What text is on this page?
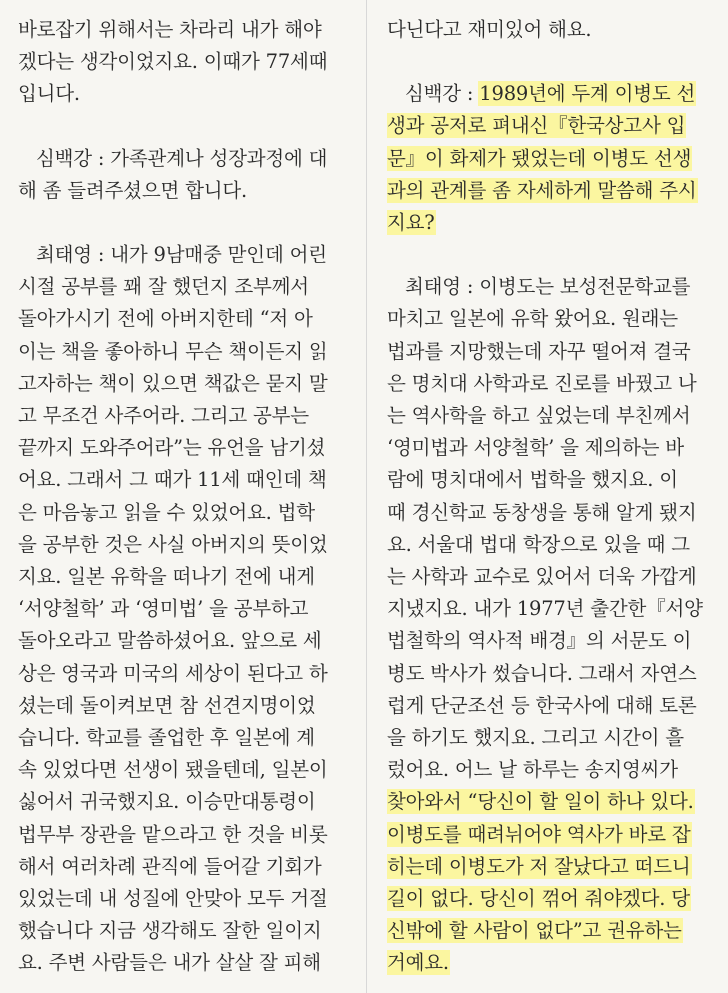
바로잡기 위해서는 차라리 내가 해야
겠다는 생각이었지요. 이때가 77세때
입니다.

심백강 : 가족관계나 성장과정에 대
해 좀 들려주셨으면 합니다.

최태영 : 내가 9남매중 맏인데 어린
시절 공부를 꽤 잘 했던지 조부께서
돌아가시기 전에 아버지한테 “저 아
이는 책을 좋아하니 무슨 책이든지 읽
고자하는 책이 있으면 책값은 묻지 말
고 무조건 사주어라. 그리고 공부는
끝까지 도와주어라”는 유언을 남기셨
어요. 그래서 그 때가 11세 때인데 책
은 마음놓고 읽을 수 있었어요. 법학
을 공부한 것은 사실 아버지의 뜻이었
지요. 일본 유학을 떠나기 전에 내게
‘서양철학’ 과 ‘영미법’ 을 공부하고
돌아오라고 말씀하셨어요. 앞으로 세
상은 영국과 미국의 세상이 된다고 하
셨는데 돌이켜보면 참 선견지명이었
습니다. 학교를 졸업한 후 일본에 계
속 있었다면 선생이 됐을텐데, 일본이
싫어서 귀국했지요. 이승만대통령이
법무부 장관을 맡으라고 한 것을 비롯
해서 여러차례 관직에 들어갈 기회가
있었는데 내 성질에 안맞아 모두 거절
했습니다 지금 생각해도 잘한 일이지
요. 주변 사람들은 내가 살살 잘 피해

다닌다고 재미있어 해요.

심백강 : 1989년에 두계 이병도 선
생과 공저로 펴내신『한국상고사 입
문』이 화제가 됐었는데 이병도 선생
과의 관계를 좀 자세하게 말씀해 주시
지요?

최태영 : 이병도는 보성전문학교를
마치고 일본에 유학 왔어요. 원래는
법과를 지망했는데 자꾸 떨어져 결국
은 명치대 사학과로 진로를 바꿨고 나
는 역사학을 하고 싶었는데 부친께서
‘영미법과 서양철학’ 을 제의하는 바
람에 명치대에서 법학을 했지요. 이
때 경신학교 동창생을 통해 알게 됐지
요. 서울대 법대 학장으로 있을 때 그
는 사학과 교수로 있어서 더욱 가깝게
지냈지요. 내가 1977년 출간한『서양
법철학의 역사적 배경』의 서문도 이
병도 박사가 썼습니다. 그래서 자연스
럽게 단군조선 등 한국사에 대해 토론
을 하기도 했지요. 그리고 시간이 흘
렀어요. 어느 날 하루는 송지영씨가
찾아와서 “당신이 할 일이 하나 있다.
이병도를 때려뉘어야 역사가 바로 잡
히는데 이병도가 저 잘났다고 떠드니
길이 없다. 당신이 꺾어 줘야겠다. 당
신밖에 할 사람이 없다”고 권유하는
거예요.
